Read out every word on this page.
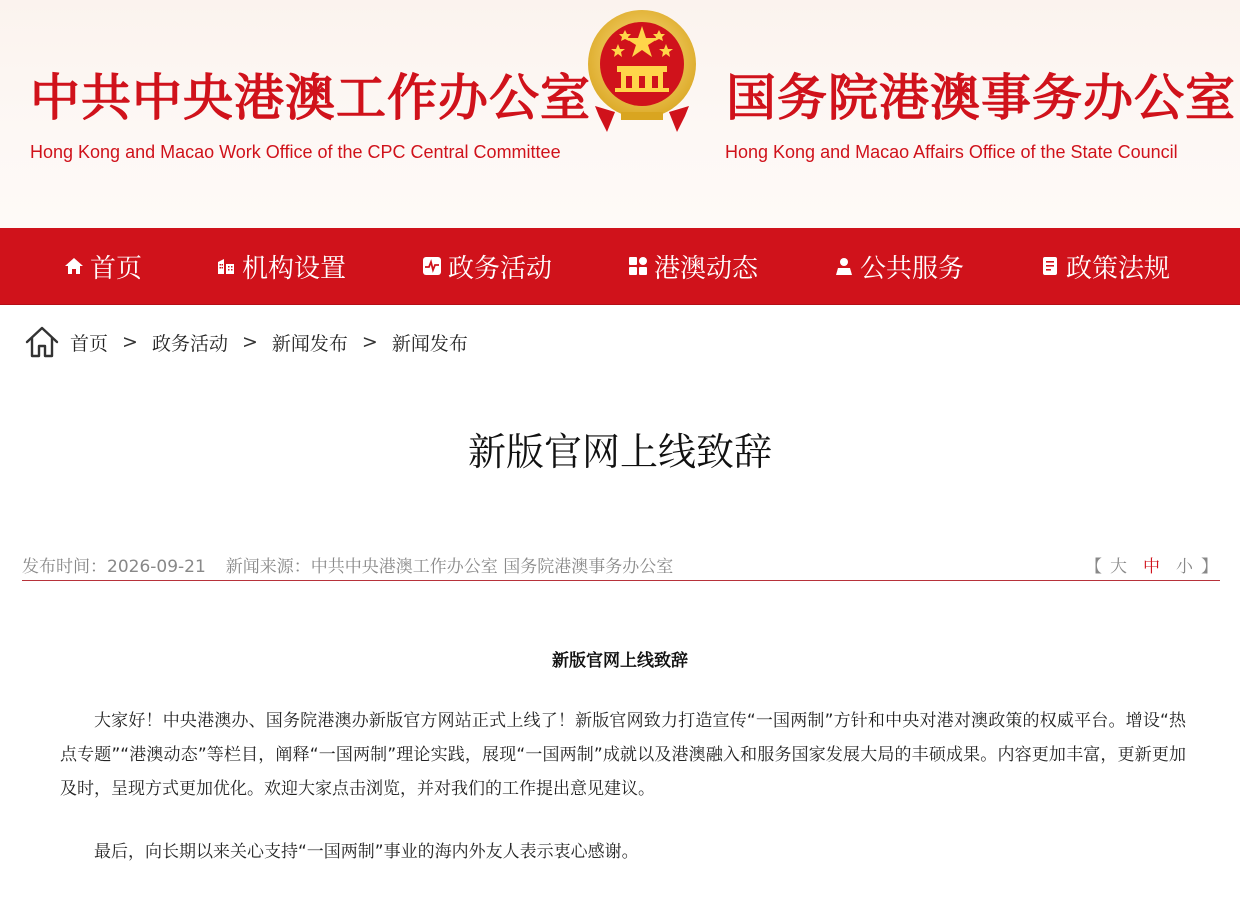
中共中央港澳工作办公室
Hong Kong and Macao Work Office of the CPC Central Committee
国务院港澳事务办公室
Hong Kong and Macao Affairs Office of the State Council
首页	机构设置	政务活动	港澳动态	公共服务	政策法规
首页 > 政务活动 > 新闻发布 > 新闻发布
新版官网上线致辞
发布时间：2026-09-21 新闻来源：中共中央港澳工作办公室 国务院港澳事务办公室	【 大 中 小 】
新版官网上线致辞

大家好！中央港澳办、国务院港澳办新版官方网站正式上线了！新版官网致力打造宣传“一国两制”方针和中央对港对澳政策的权威平台。增设“热点专题”“港澳动态”等栏目，阐释“一国两制”理论实践，展现“一国两制”成就以及港澳融入和服务国家发展大局的丰硕成果。内容更加丰富，更新更加及时，呈现方式更加优化。欢迎大家点击浏览，并对我们的工作提出意见建议。

最后，向长期以来关心支持“一国两制”事业的海内外友人表示衷心感谢。
